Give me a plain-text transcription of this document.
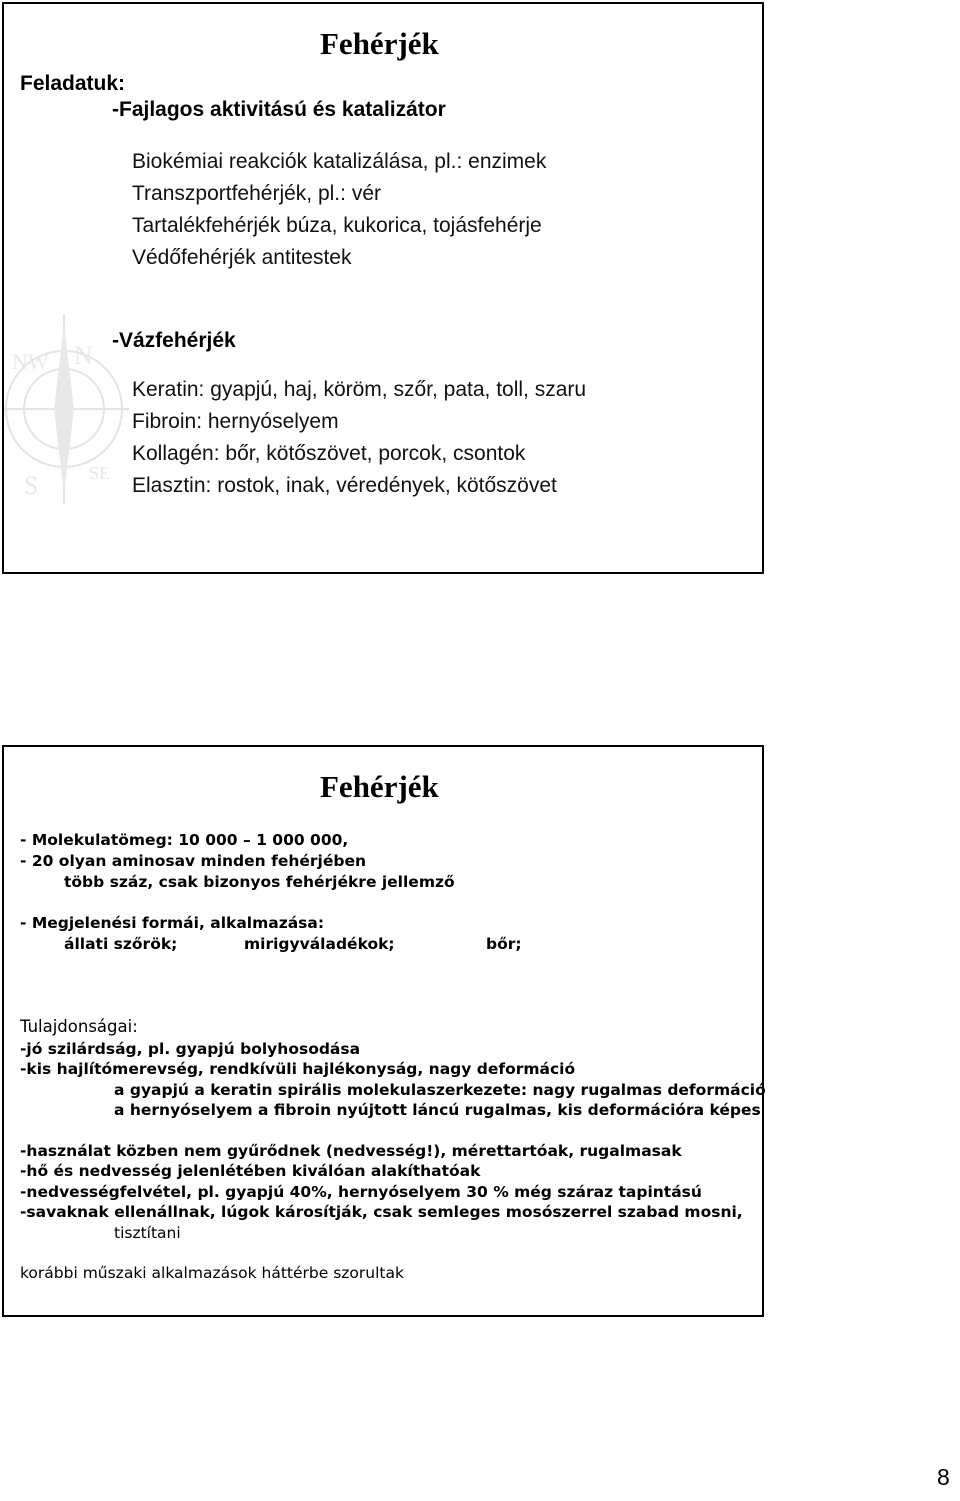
NW N
S	SE
Fehérjék
Feladatuk:
-Fajlagos aktivitású és katalizátor
Biokémiai reakciók katalizálása, pl.: enzimek
Transzportfehérjék, pl.: vér
Tartalékfehérjék búza, kukorica, tojásfehérje
Védőfehérjék antitestek
-Vázfehérjék
Keratin: gyapjú, haj, köröm, szőr, pata, toll, szaru
Fibroin: hernyóselyem
Kollagén: bőr, kötőszövet, porcok, csontok
Elasztin: rostok, inak, véredények, kötőszövet
Fehérjék
- Molekulatömeg: 10 000 – 1 000 000,
- 20 olyan aminosav minden fehérjében
több száz, csak bizonyos fehérjékre jellemző
- Megjelenési formái, alkalmazása:
állati szőrök;	mirigyváladékok;	bőr;
Tulajdonságai:
-jó szilárdság, pl. gyapjú bolyhosodása
-kis hajlítómerevség, rendkívüli hajlékonyság, nagy deformáció
a gyapjú a keratin spirális molekulaszerkezete: nagy rugalmas deformáció
a hernyóselyem a fibroin nyújtott láncú rugalmas, kis deformációra képes
-használat közben nem gyűrődnek (nedvesség!), mérettartóak, rugalmasak
-hő és nedvesség jelenlétében kiválóan alakíthatóak
-nedvességfelvétel, pl. gyapjú 40%, hernyóselyem 30 % még száraz tapintású
-savaknak ellenállnak, lúgok károsítják, csak semleges mosószerrel szabad mosni,
tisztítani
korábbi műszaki alkalmazások háttérbe szorultak
8
